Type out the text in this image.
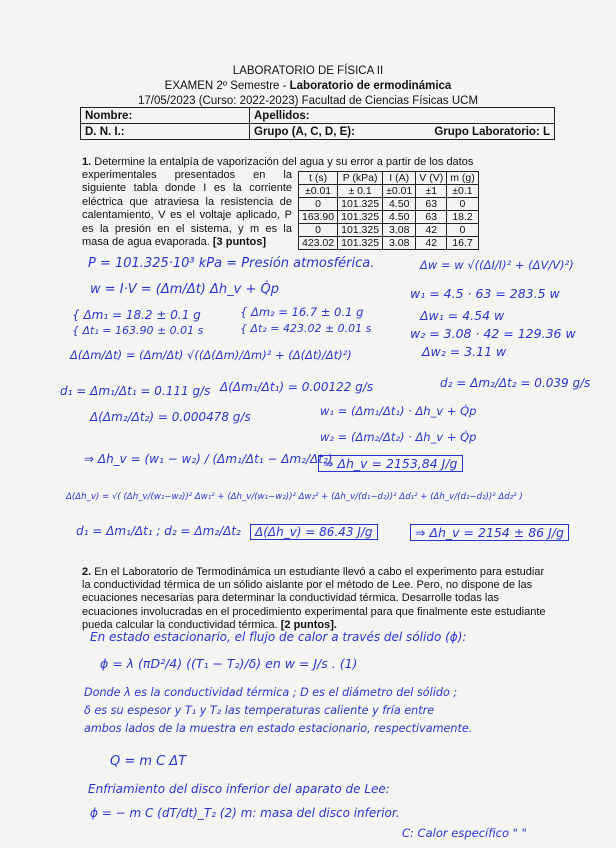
LABORATORIO DE FÍSICA II
EXAMEN 2º Semestre - Laboratorio de ermodinámica
17/05/2023 (Curso: 2022-2023) Facultad de Ciencias Físicas UCM
Nombre:	Apellidos:
D. N. I.:	Grupo (A, C, D, E): Grupo Laboratorio: L
1. Determine la entalpía de vaporización del agua y su error a partir de los datos
experimentales presentados en la siguiente tabla donde I es la corriente eléctrica que atraviesa la resistencia de calentamiento, V es el voltaje aplicado, P es la presión en el sistema, y m es la masa de agua evaporada. [3 puntos]
t (s)	P (kPa)	I (A)	V (V)	m (g)
±0.01	± 0.1	±0.01	±1	±0.1
0	101.325	4.50	63	0
163.90	101.325	4.50	63	18.2
0	101.325	3.08	42	0
423.02	101.325	3.08	42	16.7
P = 101.325·10³ kPa = Presión atmosférica.	Δw = w √((ΔI/I)² + (ΔV/V)²)
w = I·V = (Δm/Δt) Δh_v + Q̇p	w₁ = 4.5 · 63 = 283.5 w
{ Δm₁ = 18.2 ± 0.1 g	{ Δm₂ = 16.7 ± 0.1 g	Δw₁ = 4.54 w
{ Δt₁ = 163.90 ± 0.01 s	{ Δt₂ = 423.02 ± 0.01 s	w₂ = 3.08 · 42 = 129.36 w
Δ(Δm/Δt) = (Δm/Δt) √((Δ(Δm)/Δm)² + (Δ(Δt)/Δt)²)	Δw₂ = 3.11 w
d₁ = Δm₁/Δt₁ = 0.111 g/s Δ(Δm₁/Δt₁) = 0.00122 g/s	d₂ = Δm₂/Δt₂ = 0.039 g/s
Δ(Δm₂/Δt₂) = 0.000478 g/s	w₁ = (Δm₁/Δt₁) · Δh_v + Q̇p
w₂ = (Δm₂/Δt₂) · Δh_v + Q̇p
⇒ Δh_v = (w₁ − w₂) / (Δm₁/Δt₁ − Δm₂/Δt₂)
⇒ Δh_v = 2153,84 J/g
Δ(Δh_v) = √( (Δh_v/(w₁−w₂))² Δw₁² + (Δh_v/(w₁−w₂))² Δw₂² + (Δh_v/(d₁−d₂))² Δd₁² + (Δh_v/(d₁−d₂))² Δd₂² )
d₁ = Δm₁/Δt₁ ; d₂ = Δm₂/Δt₂	Δ(Δh_v) = 86.43 J/g	⇒ Δh_v = 2154 ± 86 J/g
2. En el Laboratorio de Termodinámica un estudiante llevó a cabo el experimento para estudiar la conductividad térmica de un sólido aislante por el método de Lee. Pero, no dispone de las ecuaciones necesarias para determinar la conductividad térmica. Desarrolle todas las ecuaciones involucradas en el procedimiento experimental para que finalmente este estudiante pueda calcular la conductividad térmica. [2 puntos].
En estado estacionario, el flujo de calor a través del sólido (ϕ):
ϕ = λ (πD²/4) ((T₁ − T₂)/δ) en w = J/s . (1)
Donde λ es la conductividad térmica ; D es el diámetro del sólido ;
δ es su espesor y T₁ y T₂ las temperaturas caliente y fría entre
ambos lados de la muestra en estado estacionario, respectivamente.
Q = m C ΔT
Enfriamiento del disco inferior del aparato de Lee:
ϕ = − m C (dT/dt)_T₂ (2) m: masa del disco inferior.
C: Calor específico " "
